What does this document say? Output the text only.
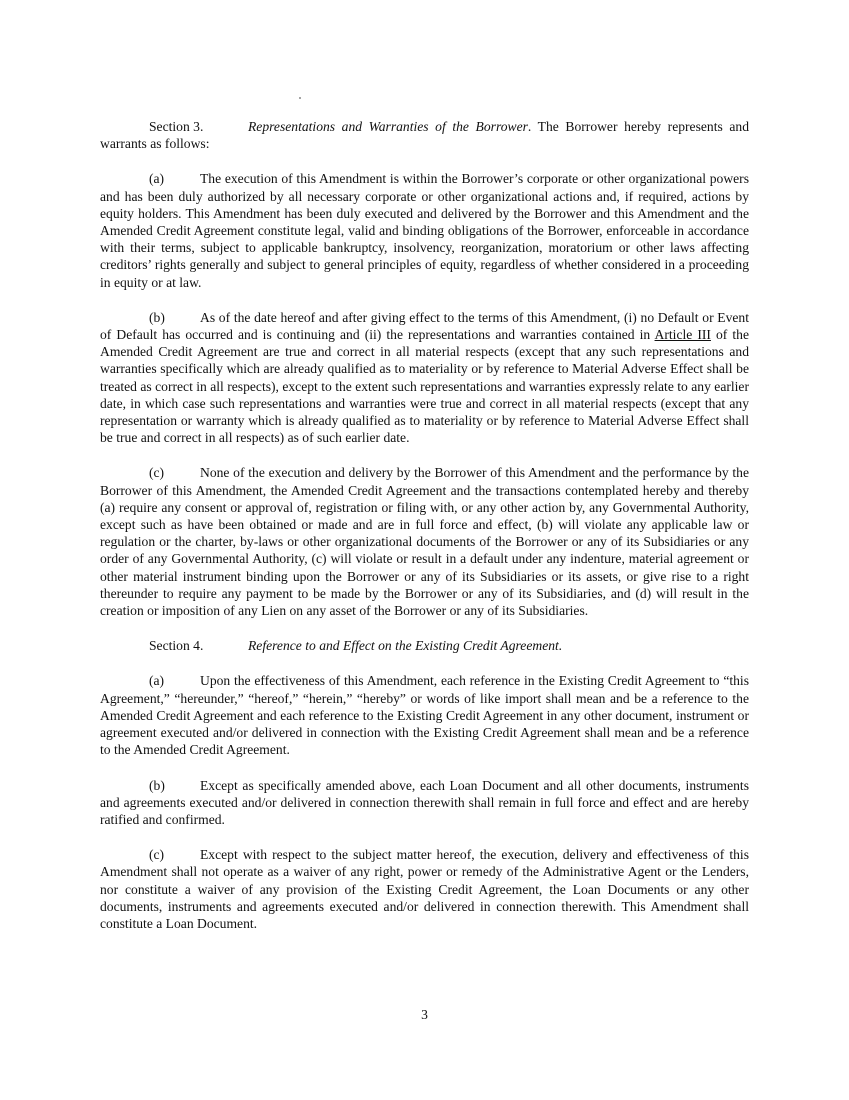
Section 3.	Representations and Warranties of the Borrower. The Borrower hereby represents and warrants as follows:

(a)	The execution of this Amendment is within the Borrower’s corporate or other organizational powers and has been duly authorized by all necessary corporate or other organizational actions and, if required, actions by equity holders. This Amendment has been duly executed and delivered by the Borrower and this Amendment and the Amended Credit Agreement constitute legal, valid and binding obligations of the Borrower, enforceable in accordance with their terms, subject to applicable bankruptcy, insolvency, reorganization, moratorium or other laws affecting creditors’ rights generally and subject to general principles of equity, regardless of whether considered in a proceeding in equity or at law.

(b)	As of the date hereof and after giving effect to the terms of this Amendment, (i) no Default or Event of Default has occurred and is continuing and (ii) the representations and warranties contained in Article III of the Amended Credit Agreement are true and correct in all material respects (except that any such representations and warranties specifically which are already qualified as to materiality or by reference to Material Adverse Effect shall be treated as correct in all respects), except to the extent such representations and warranties expressly relate to any earlier date, in which case such representations and warranties were true and correct in all material respects (except that any representation or warranty which is already qualified as to materiality or by reference to Material Adverse Effect shall be true and correct in all respects) as of such earlier date.

(c)	None of the execution and delivery by the Borrower of this Amendment and the performance by the Borrower of this Amendment, the Amended Credit Agreement and the transactions contemplated hereby and thereby (a) require any consent or approval of, registration or filing with, or any other action by, any Governmental Authority, except such as have been obtained or made and are in full force and effect, (b) will violate any applicable law or regulation or the charter, by-laws or other organizational documents of the Borrower or any of its Subsidiaries or any order of any Governmental Authority, (c) will violate or result in a default under any indenture, material agreement or other material instrument binding upon the Borrower or any of its Subsidiaries or its assets, or give rise to a right thereunder to require any payment to be made by the Borrower or any of its Subsidiaries, and (d) will result in the creation or imposition of any Lien on any asset of the Borrower or any of its Subsidiaries.

Section 4.	Reference to and Effect on the Existing Credit Agreement.

(a)	Upon the effectiveness of this Amendment, each reference in the Existing Credit Agreement to “this Agreement,” “hereunder,” “hereof,” “herein,” “hereby” or words of like import shall mean and be a reference to the Amended Credit Agreement and each reference to the Existing Credit Agreement in any other document, instrument or agreement executed and/or delivered in connection with the Existing Credit Agreement shall mean and be a reference to the Amended Credit Agreement.

(b)	Except as specifically amended above, each Loan Document and all other documents, instruments and agreements executed and/or delivered in connection therewith shall remain in full force and effect and are hereby ratified and confirmed.

(c)	Except with respect to the subject matter hereof, the execution, delivery and effectiveness of this Amendment shall not operate as a waiver of any right, power or remedy of the Administrative Agent or the Lenders, nor constitute a waiver of any provision of the Existing Credit Agreement, the Loan Documents or any other documents, instruments and agreements executed and/or delivered in connection therewith. This Amendment shall constitute a Loan Document.

3
